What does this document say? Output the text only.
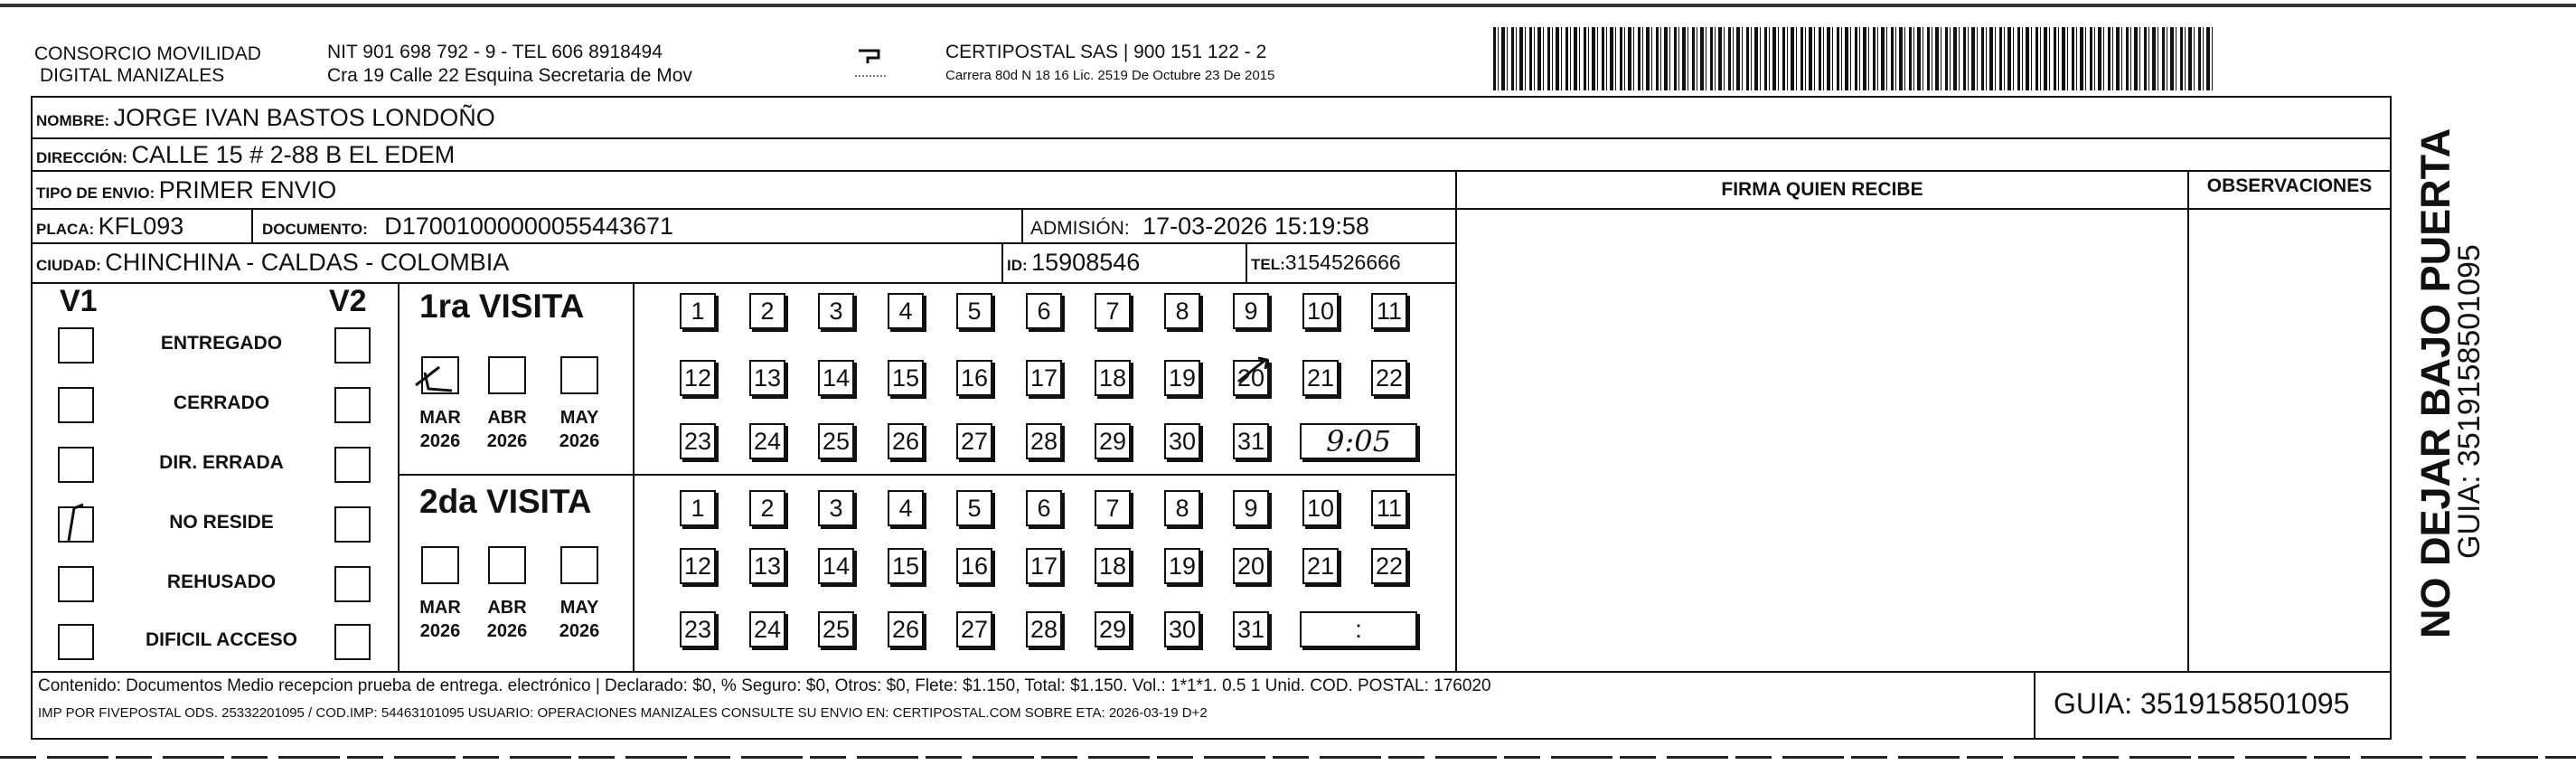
CONSORCIO MOVILIDAD
DIGITAL MANIZALES
NIT 901 698 792 - 9 - TEL 606 8918494
Cra 19 Calle 22 Esquina Secretaria de Mov
CERTIPOSTAL SAS | 900 151 122 - 2
Carrera 80d N 18 16 Lic. 2519 De Octubre 23 De 2015
NOMBRE: JORGE IVAN BASTOS LONDOÑO
DIRECCIÓN: CALLE 15 # 2-88 B EL EDEM
TIPO DE ENVIO: PRIMER ENVIO	FIRMA QUIEN RECIBE	OBSERVACIONES
PLACA: KFL093	DOCUMENTO: D17001000000055443671	ADMISIÓN: 17-03-2026 15:19:58
CIUDAD: CHINCHINA - CALDAS - COLOMBIA	ID: 15908546	TEL:3154526666
V1	V2
ENTREGADO
CERRADO
DIR. ERRADA
NO RESIDE
REHUSADO
DIFICIL ACCESO
1ra VISITA
MAR
2026
ABR
2026
MAY
2026
1	2	3	4	5	6	7	8	9	10 11
12 13 14 15 16 17 18 19 20 21 22
23 24 25 26 27 28 29 30 31	9:05
2da VISITA
MAR
2026
ABR
2026
MAY
2026
1	2	3	4	5	6	7	8	9	10 11
12 13 14 15 16 17 18 19 20 21 22
23 24 25 26 27 28 29 30 31	:
Contenido: Documentos Medio recepcion prueba de entrega. electrónico | Declarado: $0, % Seguro: $0, Otros: $0, Flete: $1.150, Total: $1.150. Vol.: 1*1*1. 0.5 1 Unid. COD. POSTAL: 176020
IMP POR FIVEPOSTAL ODS. 25332201095 / COD.IMP: 54463101095 USUARIO: OPERACIONES MANIZALES CONSULTE SU ENVIO EN: CERTIPOSTAL.COM SOBRE ETA: 2026-03-19 D+2	GUIA: 3519158501095
NO DEJAR BAJO PUERTA
GUIA: 3519158501095
